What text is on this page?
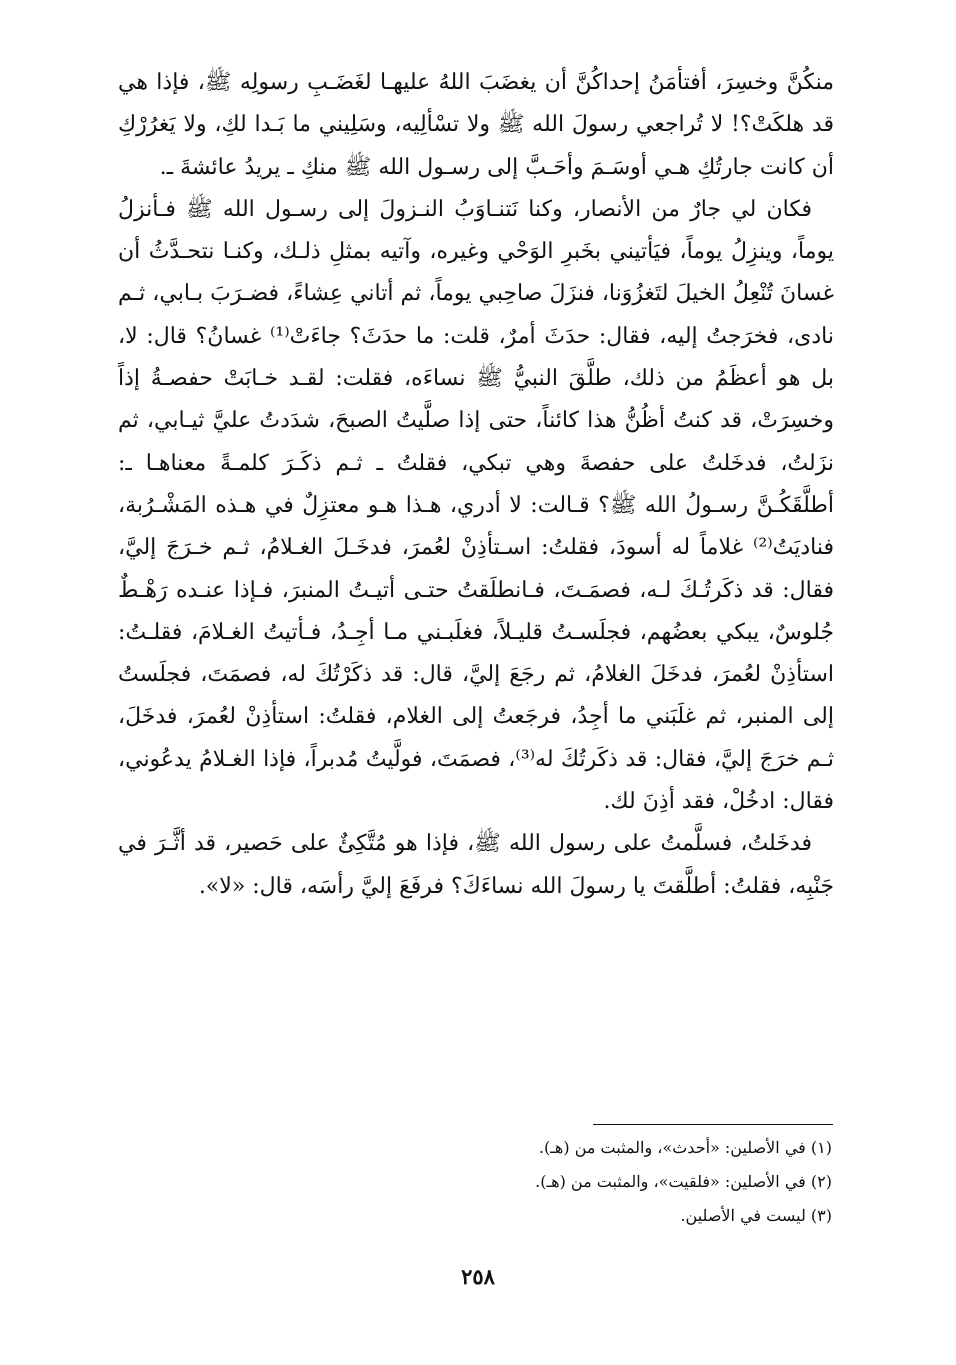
منكُنَّ وخسِرَ، أفتأمَنُ إحداكُنَّ أن يغضَبَ اللهُ عليهـا لغَضَـبِ رسولِه ﷺ، فإذا هي قد هلكَتْ؟! لا تُراجعي رسولَ الله ﷺ ولا تسْألِيه، وسَلِيني ما بَـدا لكِ، ولا يَغرُرْكِ أن كانت جارتُكِ هـي أوسَـمَ وأحَـبَّ إلى رسـول الله ﷺ منكِ ـ يريدُ عائشةَ ـ.

فكان لي جارٌ من الأنصار، وكنا نَتنـاوَبُ النـزولَ إلى رسـول الله ﷺ فـأنزلُ يوماً، وينزِلُ يوماً، فيَأتيني بخَبرِ الوَحْي وغيره، وآتيه بمثلِ ذلـك، وكنـا نتحـدَّثُ أن غسانَ تُنْعِلُ الخيلَ لتَغزُوَنا، فنزَلَ صاحِبي يوماً، ثم أتاني عِشاءً، فضـرَبَ بـابي، ثـم نادى، فخرَجتُ إليه، فقال: حدَثَ أمرٌ، قلت: ما حدَثَ؟ جاءَتْ⁽¹⁾ غسانُ؟ قال: لا، بل هو أعظَمُ من ذلك، طلَّقَ النبيُّ ﷺ نساءَه، فقلت: لقـد خـابَتْ حفصـةُ إذاً وخسِرَتْ، قد كنتُ أظُنُّ هذا كائناً، حتى إذا صلَّيتُ الصبحَ، شدَدتُ عليَّ ثيـابي، ثم نزَلتُ، فدخَلتُ على حفصةَ وهي تبكي، فقلتُ ـ ثـم ذكَـرَ كلمـةً معناهـا ـ: أطلَّقَكُـنَّ رسـولُ الله ﷺ؟ قـالت: لا أدري، هـذا هـو معتزِلٌ في هـذه المَشْـرُبة، فناديَتُ⁽²⁾ غلاماً له أسودَ، فقلتُ: اسـتأذِنْ لعُمرَ، فدخَـلَ الغـلامُ، ثـم خـرَجَ إليَّ، فقال: قد ذكَرتُـكَ لـه، فصمَـتَ، فـانطلَقتُ حتـى أتيـتُ المنبرَ، فـإذا عنـده رَهْـطٌ جُلوسٌ، يبكي بعضُهم، فجلَسـتُ قليـلاً، فغلَبـني مـا أجِـدُ، فـأتيتُ الغـلامَ، فقلـتُ: استأذِنْ لعُمرَ، فدخَلَ الغلامُ، ثم رجَعَ إليَّ، قال: قد ذكَرْتُكَ له، فصمَتَ، فجلَستُ إلى المنبر، ثم غلَبَني ما أجِدُ، فرجَعتُ إلى الغلام، فقلتُ: استأذِنْ لعُمرَ، فدخَلَ، ثـم خرَجَ إليَّ، فقال: قد ذكَرتُكَ له⁽³⁾، فصمَتَ، فولَّيتُ مُدبراً، فإذا الغـلامُ يدعُوني، فقال: ادخُلْ، فقد أذِنَ لك.

فدخَلتُ، فسلَّمتُ على رسول الله ﷺ، فإذا هو مُتَّكِئٌ على حَصير، قد أثَّـرَ في جَنْبِه، فقلتُ: أطلَّقتَ يا رسولَ الله نساءَكَ؟ فرفَعَ إليَّ رأسَه، قال: «لا».

(١) في الأصلين: «أحدث»، والمثبت من (هـ).

(٢) في الأصلين: «فلقيت»، والمثبت من (هـ).

(٣) ليست في الأصلين.

٢٥٨
